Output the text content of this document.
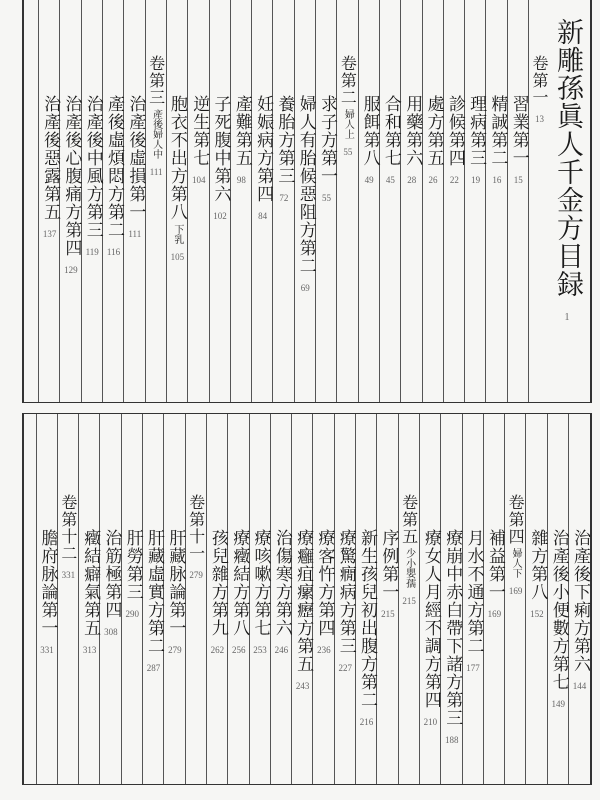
新雕孫眞人千金方目録
1
卷第一
13
習業第一
15
精誠第二
16
理病第三
19
診候第四
22
處方第五
26
用藥第六
28
合和第七
45
服餌第八
49
卷第二婦人上
55
求子方第一
55
婦人有胎候惡阻方第二
69
養胎方第三
72
妊娠病方第四
84
產難第五
98
子死腹中第六
102
逆生第七
104
胞衣不出方第八下乳
105
卷第三產後婦人中
111
治產後虛損第一
111
產後虛煩悶方第二
116
治產後中風方第三
119
治產後心腹痛方第四
129
治產後惡露第五
137
治產後下痢方第六
144
治產後小便數方第七
149
雜方第八
152
卷第四婦人下
169
補益第一
169
月水不通方第二
177
療崩中赤白帶下諸方第三
188
療女人月經不調方第四
210
卷第五少小嬰孺
215
序例第一
215
新生孩兒初出腹方第二
216
療驚癇病方第三
227
療客忤方第四
236
療癰疽瘰癧方第五
243
治傷寒方第六
246
療咳嗽方第七
253
療癥結方第八
256
孩兒雜方第九
262
卷第十一
279
肝藏脉論第一
279
肝藏虛實方第二
287
肝勞第三
290
治筋極第四
308
癥結癖氣第五
313
卷第十二
331
膽府脉論第一
331
